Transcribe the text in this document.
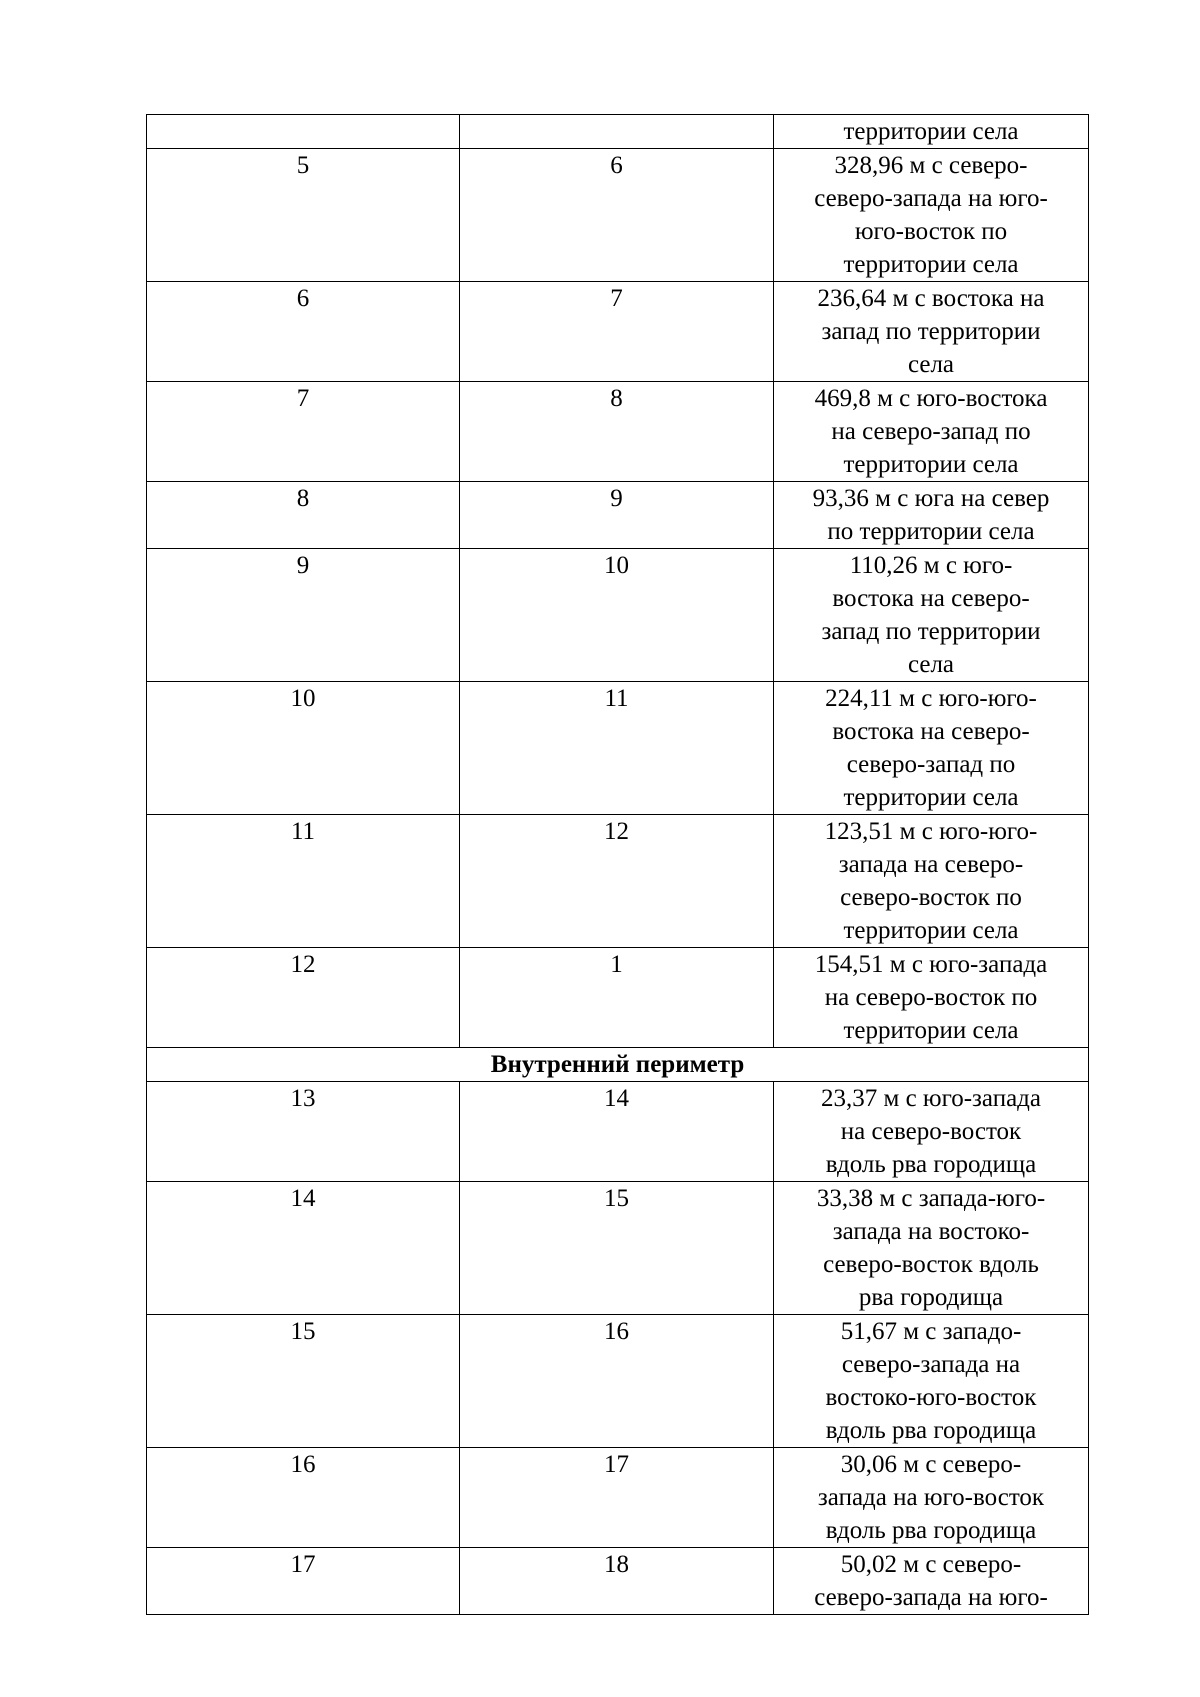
		территории села
5	6	328,96 м с северо-
северо-запада на юго-
юго-восток по
территории села
6	7	236,64 м с востока на
запад по территории
села
7	8	469,8 м с юго-востока
на северо-запад по
территории села
8	9	93,36 м с юга на север
по территории села
9	10	110,26 м с юго-
востока на северо-
запад по территории
села
10	11	224,11 м с юго-юго-
востока на северо-
северо-запад по
территории села
11	12	123,51 м с юго-юго-
запада на северо-
северо-восток по
территории села
12	1	154,51 м с юго-запада
на северо-восток по
территории села
Внутренний периметр		
13	14	23,37 м с юго-запада
на северо-восток
вдоль рва городища
14	15	33,38 м с запада-юго-
запада на востоко-
северо-восток вдоль
рва городища
15	16	51,67 м с западо-
северо-запада на
востоко-юго-восток
вдоль рва городища
16	17	30,06 м с северо-
запада на юго-восток
вдоль рва городища
17	18	50,02 м с северо-
северо-запада на юго-
